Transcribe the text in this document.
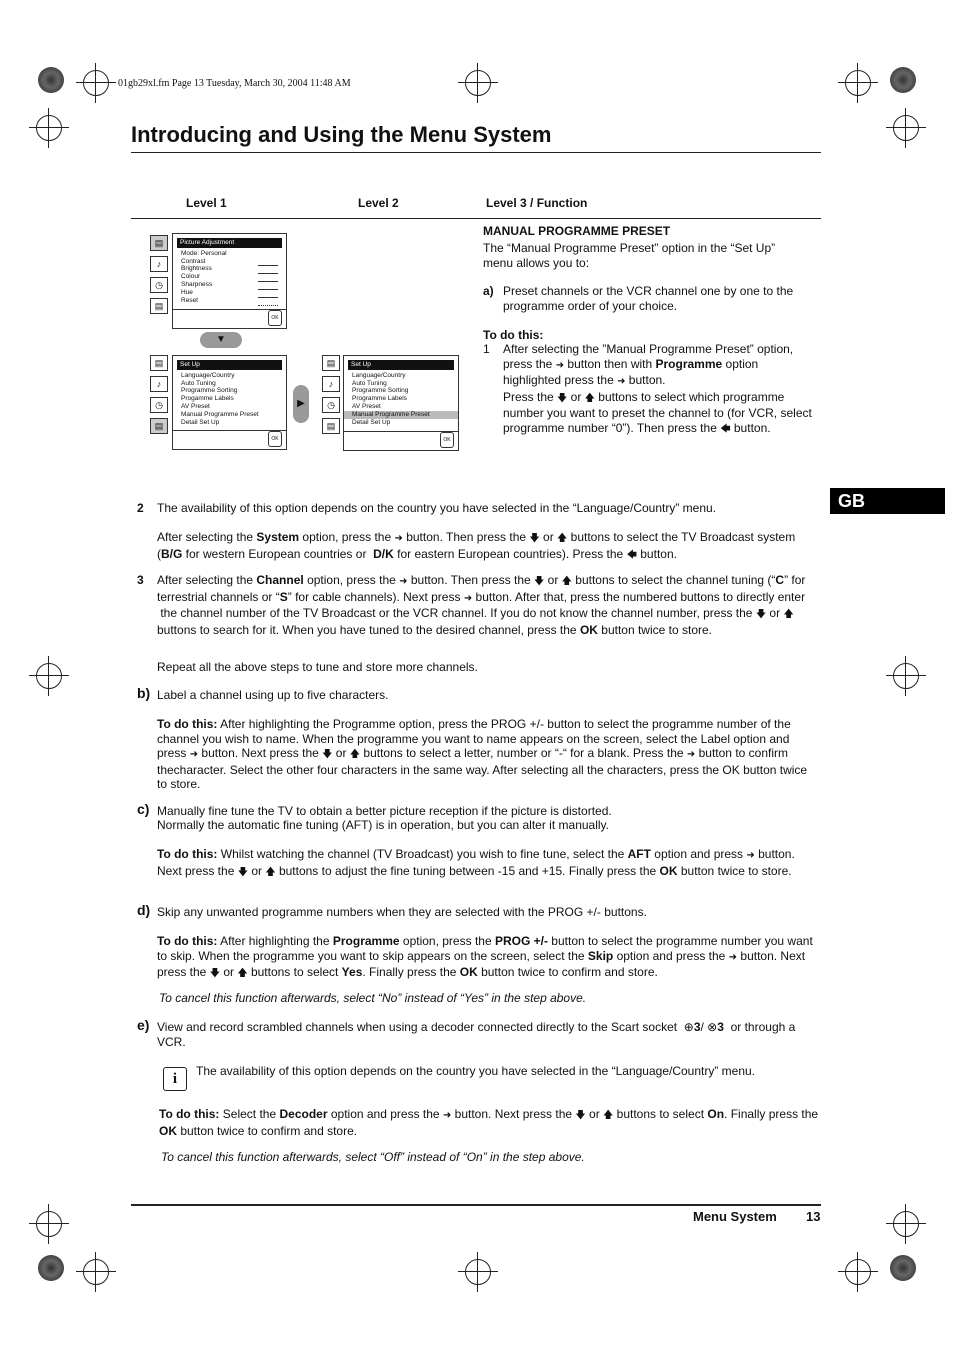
01gb29xl.fm Page 13 Tuesday, March 30, 2004 11:48 AM
Introducing and Using the Menu System
Level 1	Level 2	Level 3 / Function
▤
♪
◷
▤
Picture Adjustment
Mode: Personal
Contrast
Brightness
Colour
Sharpness
Hue
Reset
OK
▼
▤
♪
◷
▤
Set Up
Language/Country
Auto Tuning
Programme Sorting
Progamme Labels
AV Preset
Manual Programme Preset
Detail Set Up
OK
▶
▤
♪
◷
▤
Set Up
Language/Country
Auto Tuning
Programme Sorting
Programme Labels
AV Preset
Manual Programme Preset
Detail Set Up
OK
MANUAL PROGRAMME PRESET
The “Manual Programme Preset” option in the “Set Up” menu allows you to:
a) Preset channels or the VCR channel one by one to the programme order of your choice.
To do this:
1 After selecting the ”Manual Programme Preset” option, press the ➜ button then with Programme option highlighted press the ➜ button.
Press the 🡇 or 🡅 buttons to select which programme number you want to preset the channel to (for VCR, select programme number “0”). Then press the 🡄 button.
GB
2 The availability of this option depends on the country you have selected in the “Language/Country” menu.
After selecting the System option, press the ➜ button. Then press the 🡇 or 🡅 buttons to select the TV Broadcast system (B/G for western European countries or  D/K for eastern European countries). Press the 🡄 button.
3 After selecting the Channel option, press the ➜ button. Then press the 🡇 or 🡅 buttons to select the channel tuning (“C” for terrestrial channels or “S” for cable channels). Next press ➜ button. After that, press the numbered buttons to directly enter  the channel number of the TV Broadcast or the VCR channel. If you do not know the channel number, press the 🡇 or 🡅 buttons to search for it. When you have tuned to the desired channel, press the OK button twice to store.
Repeat all the above steps to tune and store more channels.
b) Label a channel using up to five characters.
To do this: After highlighting the Programme option, press the PROG +/- button to select the programme number of the channel you wish to name. When the programme you want to name appears on the screen, select the Label option and press ➜ button. Next press the 🡇 or 🡅 buttons to select a letter, number or “-“ for a blank. Press the ➜ button to confirm thecharacter. Select the other four characters in the same way. After selecting all the characters, press the OK button twice to store.
c) Manually fine tune the TV to obtain a better picture reception if the picture is distorted.
Normally the automatic fine tuning (AFT) is in operation, but you can alter it manually.
To do this: Whilst watching the channel (TV Broadcast) you wish to fine tune, select the AFT option and press ➜ button. Next press the 🡇 or 🡅 buttons to adjust the fine tuning between -15 and +15. Finally press the OK button twice to store.
d) Skip any unwanted programme numbers when they are selected with the PROG +/- buttons.
To do this: After highlighting the Programme option, press the PROG +/- button to select the programme number you want to skip. When the programme you want to skip appears on the screen, select the Skip option and press the ➜ button. Next press the 🡇 or 🡅 buttons to select Yes. Finally press the OK button twice to confirm and store.
To cancel this function afterwards, select “No” instead of “Yes” in the step above.
e) View and record scrambled channels when using a decoder connected directly to the Scart socket  ⊕3/ ⊗3  or through a VCR.
i	The availability of this option depends on the country you have selected in the “Language/Country” menu.
To do this: Select the Decoder option and press the ➜ button. Next press the 🡇 or 🡅 buttons to select On. Finally press the OK button twice to confirm and store.
To cancel this function afterwards, select “Off” instead of “On” in the step above.
Menu System 13
